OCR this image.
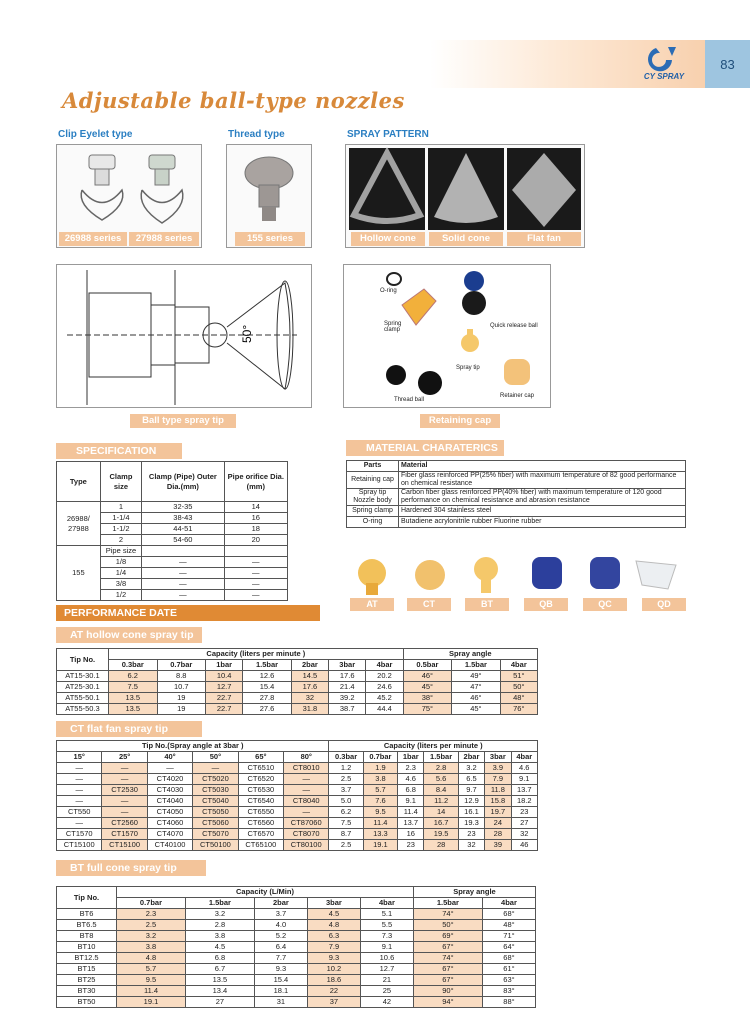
CY SPRAY
83
Adjustable ball-type nozzles
Clip Eyelet type	Thread type	SPRAY PATTERN
26988 series	27988 series	155 series	Hollow cone	Solid cone	Flat fan
50°
Ball type spray tip
O-ring
Spring clamp
Quick release ball
Spray tip
Thread ball
Retainer cap
Retaining cap
SPECIFICATION
Type	Clamp size	Clamp (Pipe) Outer Dia.(mm)	Pipe orifice Dia.(mm)
26988/ 27988	1	32-35	14
	1-1/4	38-43	16
	1-1/2	44-51	18
	2	54-60	20
155	Pipe size		
	1/8	—	—
	1/4	—	—
	3/8	—	—
	1/2	—	—
MATERIAL CHARATERICS
Parts	Material
Retaining cap	Fiber glass reinforced PP(25% fiber) with maximum temperature of 82 good performance on chemical resistance
Spray tip Nozzle body	Carbon fiber glass reinforced PP(40% fiber) with maximum temperature of 120 good performance on chemical resistance and abrasion resistance
Spring clamp	Hardened 304 stainless steel
O-ring	Butadiene acrylonitrile rubber Fluorine rubber
AT	CT	BT	QB	QC	QD
PERFORMANCE DATE
AT hollow cone spray tip
Tip No.	Capacity (liters per minute )							Spray angle		
	0.3bar	0.7bar	1bar	1.5bar	2bar	3bar	4bar	0.5bar	1.5bar	4bar
AT15-30.1	6.2	8.8	10.4	12.6	14.5	17.6	20.2	46°	49°	51°
AT25-30.1	7.5	10.7	12.7	15.4	17.6	21.4	24.6	45°	47°	50°
AT55-50.1	13.5	19	22.7	27.8	32	39.2	45.2	38°	46°	48°
AT55-50.3	13.5	19	22.7	27.6	31.8	38.7	44.4	75°	45°	76°
CT flat fan spray tip
Tip No.(Spray angle at 3bar )						Capacity (liters per minute )						
15°	25°	40°	50°	65°	80°	0.3bar	0.7bar	1bar	1.5bar	2bar	3bar	4bar
—	—	—	—	CT6510	CT8010	1.2	1.9	2.3	2.8	3.2	3.9	4.6
—	—	CT4020	CT5020	CT6520	—	2.5	3.8	4.6	5.6	6.5	7.9	9.1
—	CT2530	CT4030	CT5030	CT6530	—	3.7	5.7	6.8	8.4	9.7	11.8	13.7
—	—	CT4040	CT5040	CT6540	CT8040	5.0	7.6	9.1	11.2	12.9	15.8	18.2
CT550	—	CT4050	CT5050	CT6550	—	6.2	9.5	11.4	14	16.1	19.7	23
—	CT2560	CT4060	CT5060	CT6560	CT87060	7.5	11.4	13.7	16.7	19.3	24	27
CT1570	CT1570	CT4070	CT5070	CT6570	CT8070	8.7	13.3	16	19.5	23	28	32
CT15100	CT15100	CT40100	CT50100	CT65100	CT80100	2.5	19.1	23	28	32	39	46
BT full cone spray tip
Tip No.	Capacity (L/Min)					Spray angle	
	0.7bar	1.5bar	2bar	3bar	4bar	1.5bar	4bar
BT6	2.3	3.2	3.7	4.5	5.1	74°	68°
BT6.5	2.5	2.8	4.0	4.8	5.5	50°	48°
BT8	3.2	3.8	5.2	6.3	7.3	69°	71°
BT10	3.8	4.5	6.4	7.9	9.1	67°	64°
BT12.5	4.8	6.8	7.7	9.3	10.6	74°	68°
BT15	5.7	6.7	9.3	10.2	12.7	67°	61°
BT25	9.5	13.5	15.4	18.6	21	67°	63°
BT30	11.4	13.4	18.1	22	25	90°	83°
BT50	19.1	27	31	37	42	94°	88°
